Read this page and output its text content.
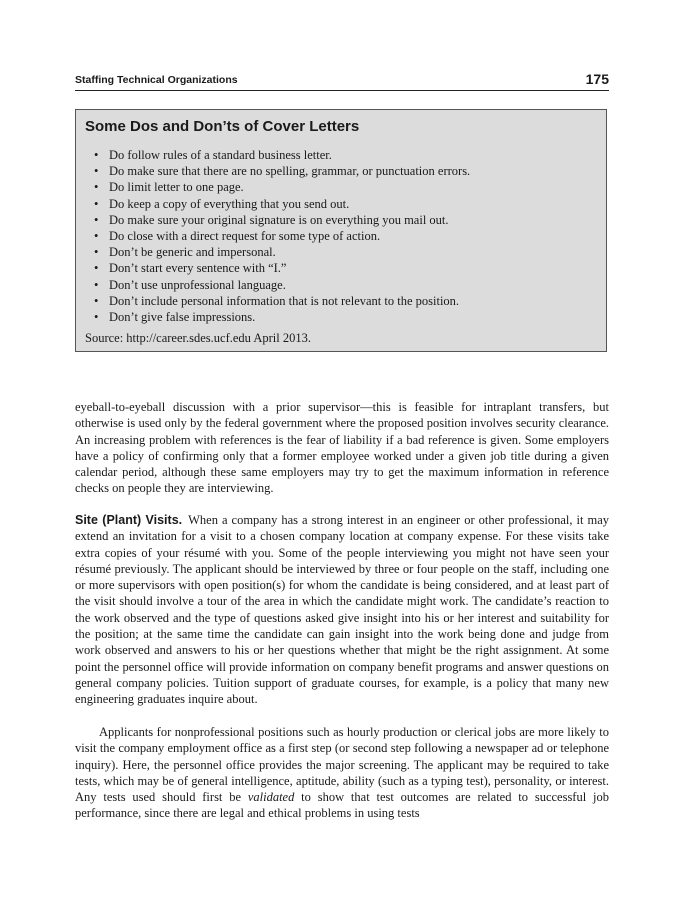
Staffing Technical Organizations	175
Some Dos and Don’ts of Cover Letters
• Do follow rules of a standard business letter.
• Do make sure that there are no spelling, grammar, or punctuation errors.
• Do limit letter to one page.
• Do keep a copy of everything that you send out.
• Do make sure your original signature is on everything you mail out.
• Do close with a direct request for some type of action.
• Don’t be generic and impersonal.
• Don’t start every sentence with “I.”
• Don’t use unprofessional language.
• Don’t include personal information that is not relevant to the position.
• Don’t give false impressions.
Source: http://career.sdes.ucf.edu April 2013.

eyeball-to-eyeball discussion with a prior supervisor—this is feasible for intraplant transfers, but otherwise is used only by the federal government where the proposed position involves security clearance. An increasing problem with references is the fear of liability if a bad reference is given. Some employers have a policy of confirming only that a former employee worked under a given job title during a given calendar period, although these same employers may try to get the maximum information in reference checks on people they are interviewing.

Site (Plant) Visits. When a company has a strong interest in an engineer or other professional, it may extend an invitation for a visit to a chosen company location at company expense. For these visits take extra copies of your résumé with you. Some of the people interviewing you might not have seen your résumé previously. The applicant should be interviewed by three or four people on the staff, including one or more supervisors with open position(s) for whom the candidate is being considered, and at least part of the visit should involve a tour of the area in which the candidate might work. The candidate’s reaction to the work observed and the type of questions asked give insight into his or her interest and suitability for the position; at the same time the candidate can gain insight into the work being done and judge from work observed and answers to his or her questions whether that might be the right assignment. At some point the personnel office will provide information on company benefit programs and answer questions on general company policies. Tuition support of graduate courses, for example, is a policy that many new engineering graduates inquire about.

Applicants for nonprofessional positions such as hourly production or clerical jobs are more likely to visit the company employment office as a first step (or second step following a newspaper ad or telephone inquiry). Here, the personnel office provides the major screening. The applicant may be required to take tests, which may be of general intelligence, aptitude, ability (such as a typing test), personality, or interest. Any tests used should first be validated to show that test outcomes are related to successful job performance, since there are legal and ethical problems in using tests
